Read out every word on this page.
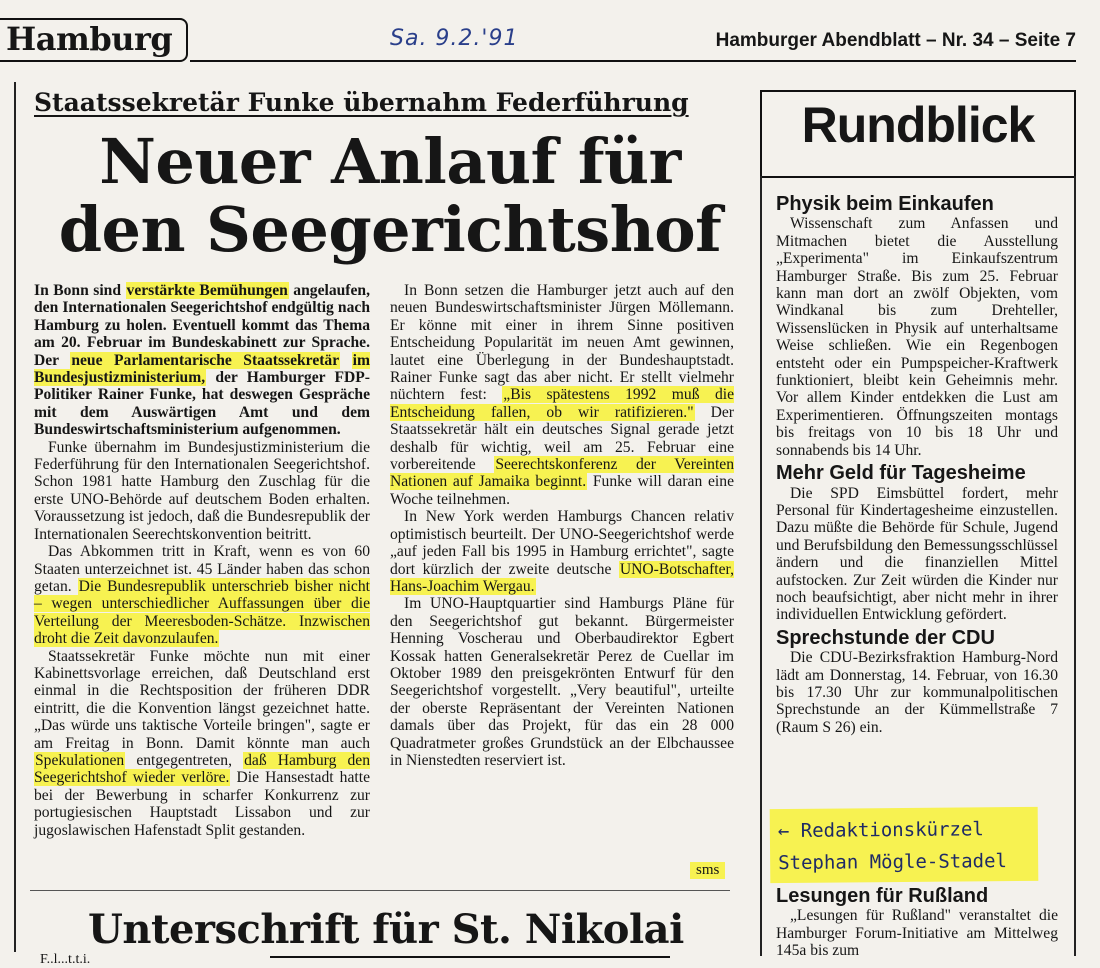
Hamburg	Sa. 9.2.'91	Hamburger Abendblatt – Nr. 34 – Seite 7
Staatssekretär Funke übernahm Federführung
Neuer Anlauf für den Seegerichtshof

In Bonn sind verstärkte Bemühungen angelaufen, den Internationalen Seegerichtshof endgültig nach Hamburg zu holen. Eventuell kommt das Thema am 20. Februar im Bundeskabinett zur Sprache. Der neue Parlamentarische Staatssekretär im Bundesjustizministerium, der Hamburger FDP-Politiker Rainer Funke, hat deswegen Gespräche mit dem Auswärtigen Amt und dem Bundeswirtschaftsministerium aufgenommen.

Funke übernahm im Bundesjustizministerium die Federführung für den Internationalen Seegerichtshof. Schon 1981 hatte Hamburg den Zuschlag für die erste UNO-Behörde auf deutschem Boden erhalten. Voraussetzung ist jedoch, daß die Bundesrepublik der Internationalen Seerechtskonvention beitritt.

Das Abkommen tritt in Kraft, wenn es von 60 Staaten unterzeichnet ist. 45 Länder haben das schon getan. Die Bundesrepublik unterschrieb bisher nicht – wegen unterschiedlicher Auffassungen über die Verteilung der Meeresboden-Schätze. Inzwischen droht die Zeit davonzulaufen.

Staatssekretär Funke möchte nun mit einer Kabinettsvorlage erreichen, daß Deutschland erst einmal in die Rechtsposition der früheren DDR eintritt, die die Konvention längst gezeichnet hatte. „Das würde uns taktische Vorteile bringen", sagte er am Freitag in Bonn. Damit könnte man auch Spekulationen entgegentreten, daß Hamburg den Seegerichtshof wieder verlöre. Die Hansestadt hatte bei der Bewerbung in scharfer Konkurrenz zur portugiesischen Hauptstadt Lissabon und zur jugoslawischen Hafenstadt Split gestanden.

In Bonn setzen die Hamburger jetzt auch auf den neuen Bundeswirtschaftsminister Jürgen Möllemann. Er könne mit einer in ihrem Sinne positiven Entscheidung Popularität im neuen Amt gewinnen, lautet eine Überlegung in der Bundeshauptstadt. Rainer Funke sagt das aber nicht. Er stellt vielmehr nüchtern fest: „Bis spätestens 1992 muß die Entscheidung fallen, ob wir ratifizieren." Der Staatssekretär hält ein deutsches Signal gerade jetzt deshalb für wichtig, weil am 25. Februar eine vorbereitende Seerechtskonferenz der Vereinten Nationen auf Jamaika beginnt. Funke will daran eine Woche teilnehmen.

In New York werden Hamburgs Chancen relativ optimistisch beurteilt. Der UNO-Seegerichtshof werde „auf jeden Fall bis 1995 in Hamburg errichtet", sagte dort kürzlich der zweite deutsche UNO-Botschafter, Hans-Joachim Wergau.

Im UNO-Hauptquartier sind Hamburgs Pläne für den Seegerichtshof gut bekannt. Bürgermeister Henning Voscherau und Oberbaudirektor Egbert Kossak hatten Generalsekretär Perez de Cuellar im Oktober 1989 den preisgekrönten Entwurf für den Seegerichtshof vorgestellt. „Very beautiful", urteilte der oberste Repräsentant der Vereinten Nationen damals über das Projekt, für das ein 28 000 Quadratmeter großes Grundstück an der Elbchaussee in Nienstedten reserviert ist.

sms
Rundblick
Physik beim Einkaufen

Wissenschaft zum Anfassen und Mitmachen bietet die Ausstellung „Experimenta" im Einkaufszentrum Hamburger Straße. Bis zum 25. Februar kann man dort an zwölf Objekten, vom Windkanal bis zum Drehteller, Wissenslücken in Physik auf unterhaltsame Weise schließen. Wie ein Regenbogen entsteht oder ein Pumpspeicher-Kraftwerk funktioniert, bleibt kein Geheimnis mehr. Vor allem Kinder entdekken die Lust am Experimentieren. Öffnungszeiten montags bis freitags von 10 bis 18 Uhr und sonnabends bis 14 Uhr.

Mehr Geld für Tagesheime

Die SPD Eimsbüttel fordert, mehr Personal für Kindertagesheime einzustellen. Dazu müßte die Behörde für Schule, Jugend und Berufsbildung den Bemessungsschlüssel ändern und die finanziellen Mittel aufstocken. Zur Zeit würden die Kinder nur noch beaufsichtigt, aber nicht mehr in ihrer individuellen Entwicklung gefördert.

Sprechstunde der CDU

Die CDU-Bezirksfraktion Hamburg-Nord lädt am Donnerstag, 14. Februar, von 16.30 bis 17.30 Uhr zur kommunalpolitischen Sprechstunde an der Kümmellstraße 7 (Raum S 26) ein.

← Redaktionskürzel
Stephan Mögle-Stadel
Lesungen für Rußland

„Lesungen für Rußland" veranstaltet die Hamburger Forum-Initiative am Mittelweg 145a bis zum

Unterschrift für St. Nikolai
F..l...t.t.i.
